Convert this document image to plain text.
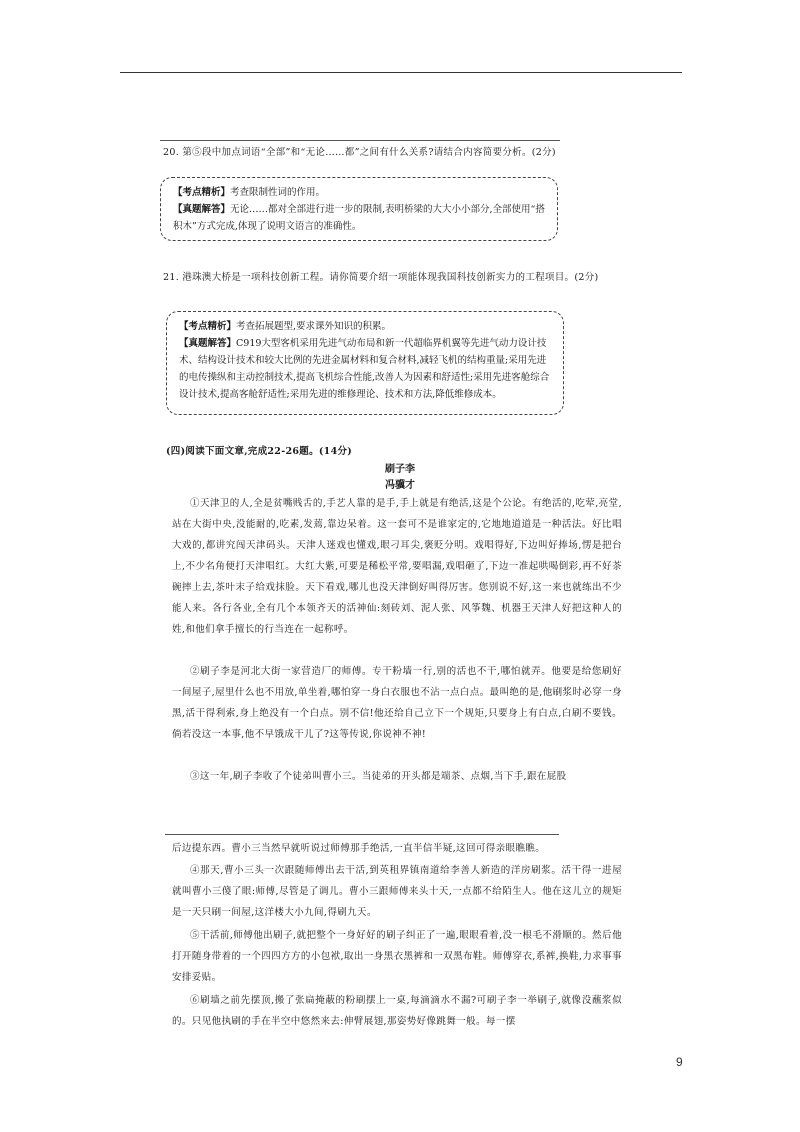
20. 第⑤段中加点词语“全部”和“无论……都”之间有什么关系?请结合内容简要分析。(2分)
【考点精析】考查限制性词的作用。
【真题解答】无论……都对全部进行进一步的限制,表明桥梁的大大小小部分,全部使用“搭积木”方式完成,体现了说明文语言的准确性。
21. 港珠澳大桥是一项科技创新工程。请你简要介绍一项能体现我国科技创新实力的工程项目。(2分)
【考点精析】考查拓展题型,要求课外知识的积累。
【真题解答】C919大型客机采用先进气动布局和新一代超临界机翼等先进气动力设计技术、结构设计技术和较大比例的先进金属材料和复合材料,减轻飞机的结构重量;采用先进的电传操纵和主动控制技术,提高飞机综合性能,改善人为因素和舒适性;采用先进客舱综合设计技术,提高客舱舒适性;采用先进的维修理论、技术和方法,降低维修成本。
(四)阅读下面文章,完成22-26题。(14分)
刷子李
冯骥才
①天津卫的人,全是贫嘴贱舌的,手艺人靠的是手,手上就是有绝活,这是个公论。有绝活的,吃荤,亮堂,站在大街中央,没能耐的,吃素,发蔫,靠边呆着。这一套可不是谁家定的,它地地道道是一种活法。好比唱大戏的,都讲究闯天津码头。天津人迷戏也懂戏,眼刁耳尖,褒贬分明。戏唱得好,下边叫好捧场,愣是把台上,不少名角便打天津唱红。大红大紫,可要是稀松平常,要唱漏,戏唱砸了,下边一准起哄喝倒彩,再不好茶碗摔上去,茶叶末子给戏抹脸。天下看戏,哪儿也没天津倒好叫得厉害。您别说不好,这一来也就练出不少能人来。各行各业,全有几个本领齐天的活神仙:刻砖刘、泥人张、风筝魏、机器王天津人好把这种人的姓,和他们拿手擅长的行当连在一起称呼。
②刷子李是河北大街一家营造厂的师傅。专干粉墙一行,别的活也不干,哪怕就弄。他要是给您刷好一间屋子,屋里什么也不用放,单坐着,哪怕穿一身白衣服也不沾一点白点。最叫绝的是,他刷浆时必穿一身黑,活干得利索,身上绝没有一个白点。别不信!他还给自己立下一个规矩,只要身上有白点,白刷不要钱。倘若没这一本事,他不早饿成干儿了?这等传说,你说神不神!
③这一年,刷子李收了个徒弟叫曹小三。当徒弟的开头都是端茶、点烟,当下手,跟在屁股
后边提东西。曹小三当然早就听说过师傅那手绝活,一直半信半疑,这回可得亲眼瞧瞧。
④那天,曹小三头一次跟随师傅出去干活,到英租界镇南道给李善人新造的洋房刷浆。活干得一进屋就叫曹小三傻了眼:师傅,尽管是了调儿。曹小三跟师傅来头十天,一点都不给陌生人。他在这儿立的规矩是一天只刷一间屋,这洋楼大小九间,得刷九天。
⑤干活前,师傅他出刷子,就把整个一身好好的刷子纠正了一遍,眼眼看着,没一根毛不滑顺的。然后他打开随身带着的一个四四方方的小包袱,取出一身黑衣黑裤和一双黑布鞋。师傅穿衣,系裤,换鞋,力求事事安排妥贴。
⑥刷墙之前先摆顶,搬了张扁掩蔽的粉刷摆上一桌,每滴滴水不漏?可刷子李一举刷子,就像没蘸浆似的。只见他执刷的手在半空中悠然来去:伸臂展翅,那姿势好像跳舞一般。每一摆
9
